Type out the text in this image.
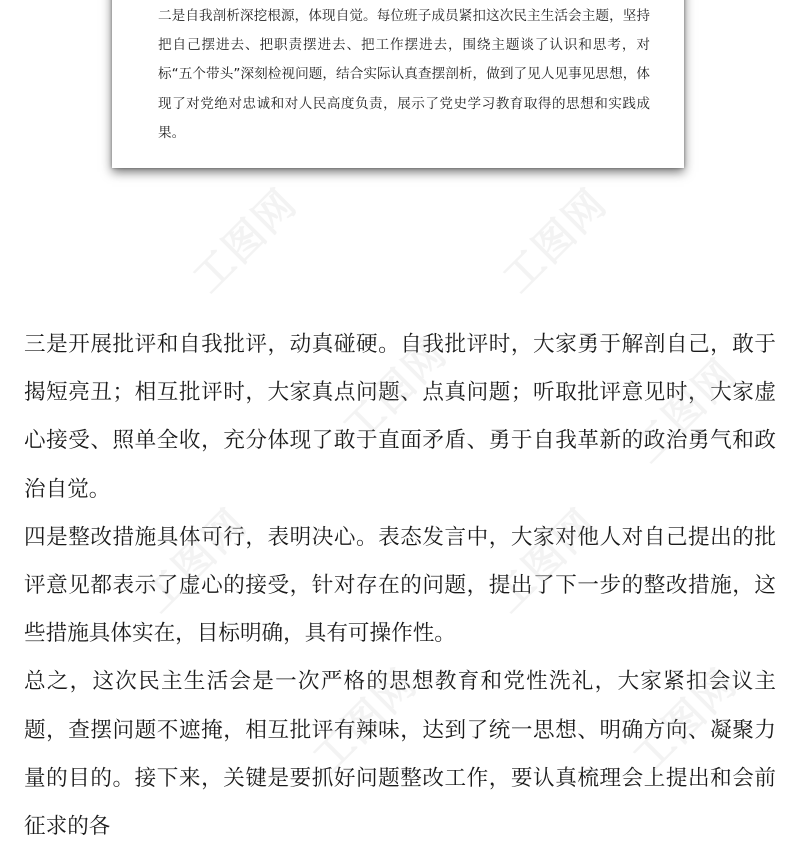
二是自我剖析深挖根源，体现自觉。每位班子成员紧扣这次民主生活会主题，坚持把自己摆进去、把职责摆进去、把工作摆进去，围绕主题谈了认识和思考，对标“五个带头”深刻检视问题，结合实际认真查摆剖析，做到了见人见事见思想，体现了对党绝对忠诚和对人民高度负责，展示了党史学习教育取得的思想和实践成果。

三是开展批评和自我批评，动真碰硬。自我批评时，大家勇于解剖自己，敢于揭短亮丑；相互批评时，大家真点问题、点真问题；听取批评意见时，大家虚心接受、照单全收，充分体现了敢于直面矛盾、勇于自我革新的政治勇气和政治自觉。

四是整改措施具体可行，表明决心。表态发言中，大家对他人对自己提出的批评意见都表示了虚心的接受，针对存在的问题，提出了下一步的整改措施，这些措施具体实在，目标明确，具有可操作性。

总之，这次民主生活会是一次严格的思想教育和党性洗礼，大家紧扣会议主题，查摆问题不遮掩，相互批评有辣味，达到了统一思想、明确方向、凝聚力量的目的。接下来，关键是要抓好问题整改工作，要认真梳理会上提出和会前征求的各

工图网	工图网
工图网	工图网
工图网	工图网
工图网	工图网
